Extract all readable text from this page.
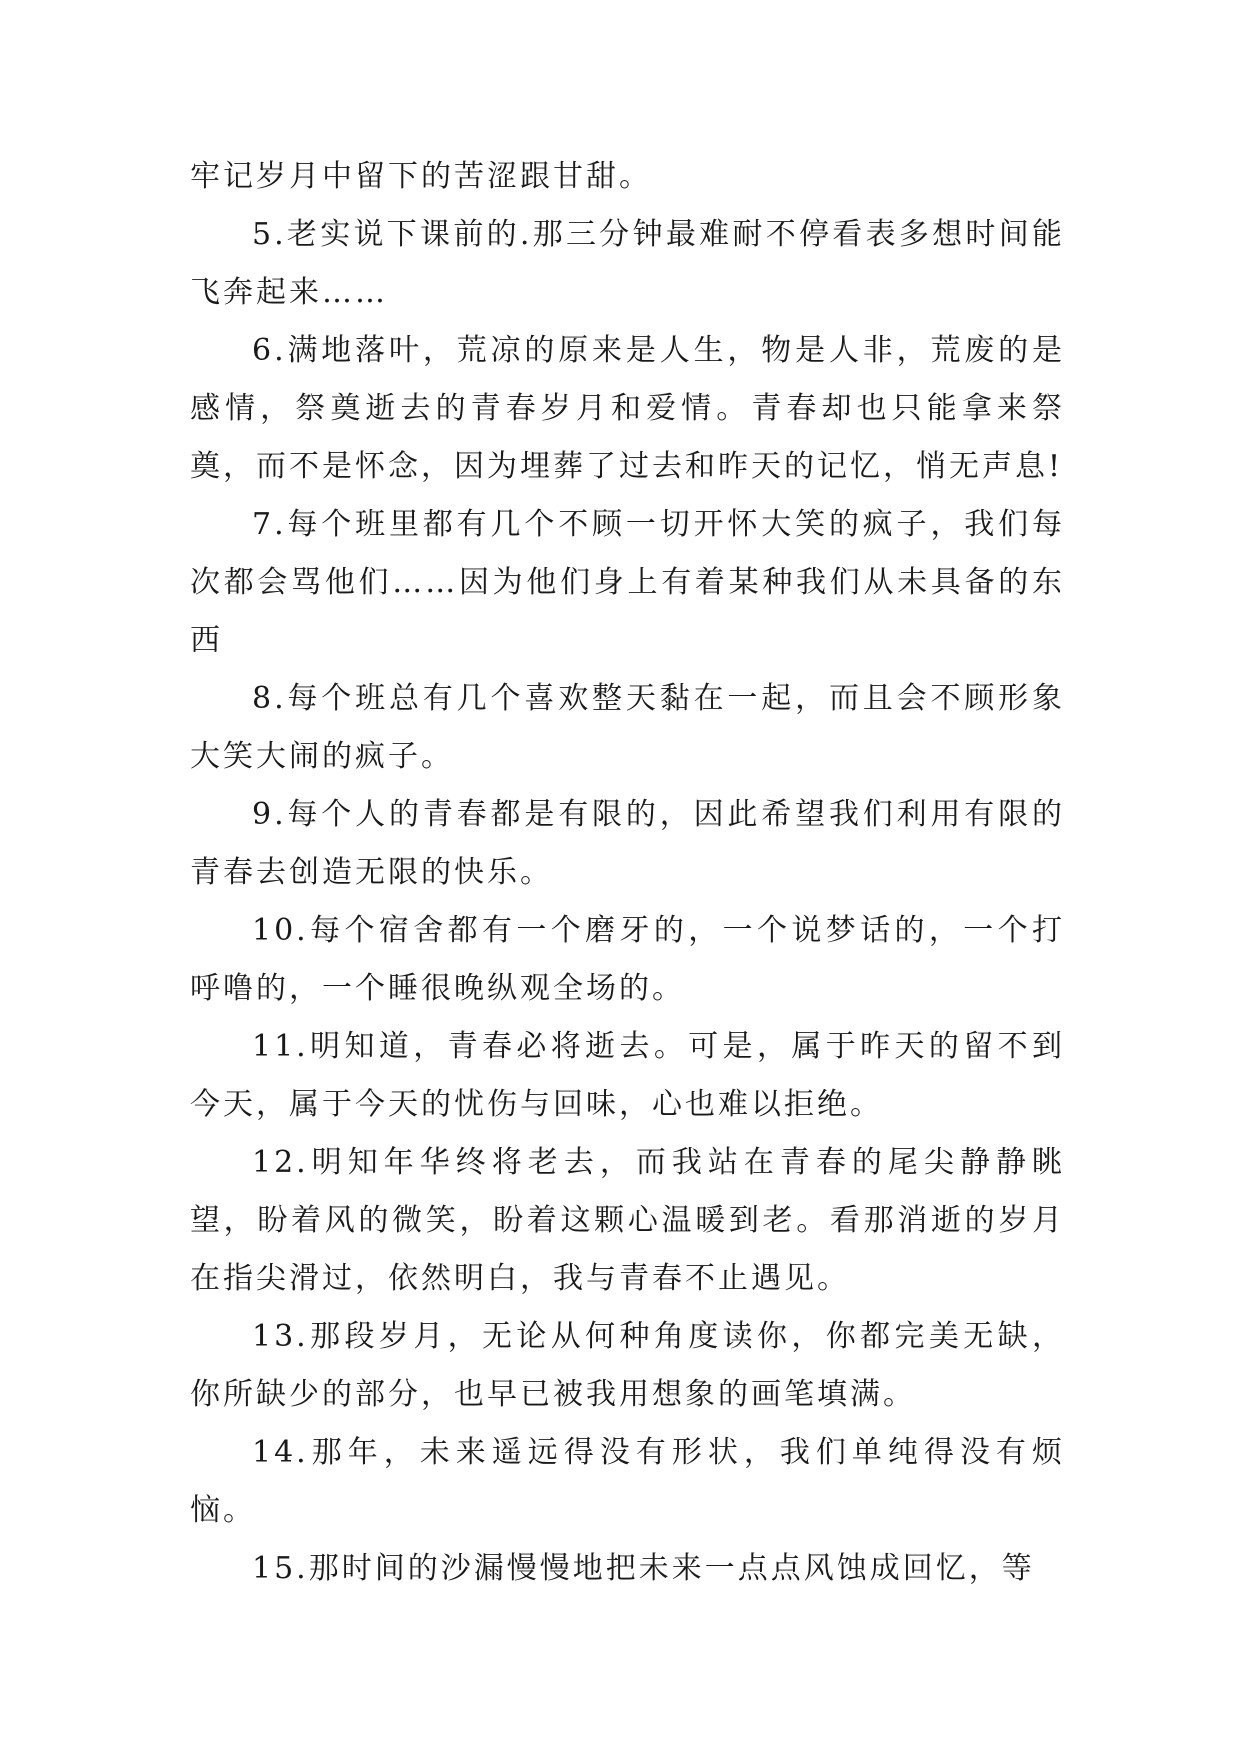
牢记岁月中留下的苦涩跟甘甜。

5.老实说下课前的.那三分钟最难耐不停看表多想时间能飞奔起来……

6.满地落叶，荒凉的原来是人生，物是人非，荒废的是感情，祭奠逝去的青春岁月和爱情。青春却也只能拿来祭奠，而不是怀念，因为埋葬了过去和昨天的记忆，悄无声息!

7.每个班里都有几个不顾一切开怀大笑的疯子，我们每次都会骂他们……因为他们身上有着某种我们从未具备的东西

8.每个班总有几个喜欢整天黏在一起，而且会不顾形象大笑大闹的疯子。

9.每个人的青春都是有限的，因此希望我们利用有限的青春去创造无限的快乐。

10.每个宿舍都有一个磨牙的，一个说梦话的，一个打呼噜的，一个睡很晚纵观全场的。

11.明知道，青春必将逝去。可是，属于昨天的留不到今天，属于今天的忧伤与回味，心也难以拒绝。

12.明知年华终将老去，而我站在青春的尾尖静静眺望，盼着风的微笑，盼着这颗心温暖到老。看那消逝的岁月在指尖滑过，依然明白，我与青春不止遇见。

13.那段岁月，无论从何种角度读你，你都完美无缺，你所缺少的部分，也早已被我用想象的画笔填满。

14.那年，未来遥远得没有形状，我们单纯得没有烦恼。

15.那时间的沙漏慢慢地把未来一点点风蚀成回忆，等
